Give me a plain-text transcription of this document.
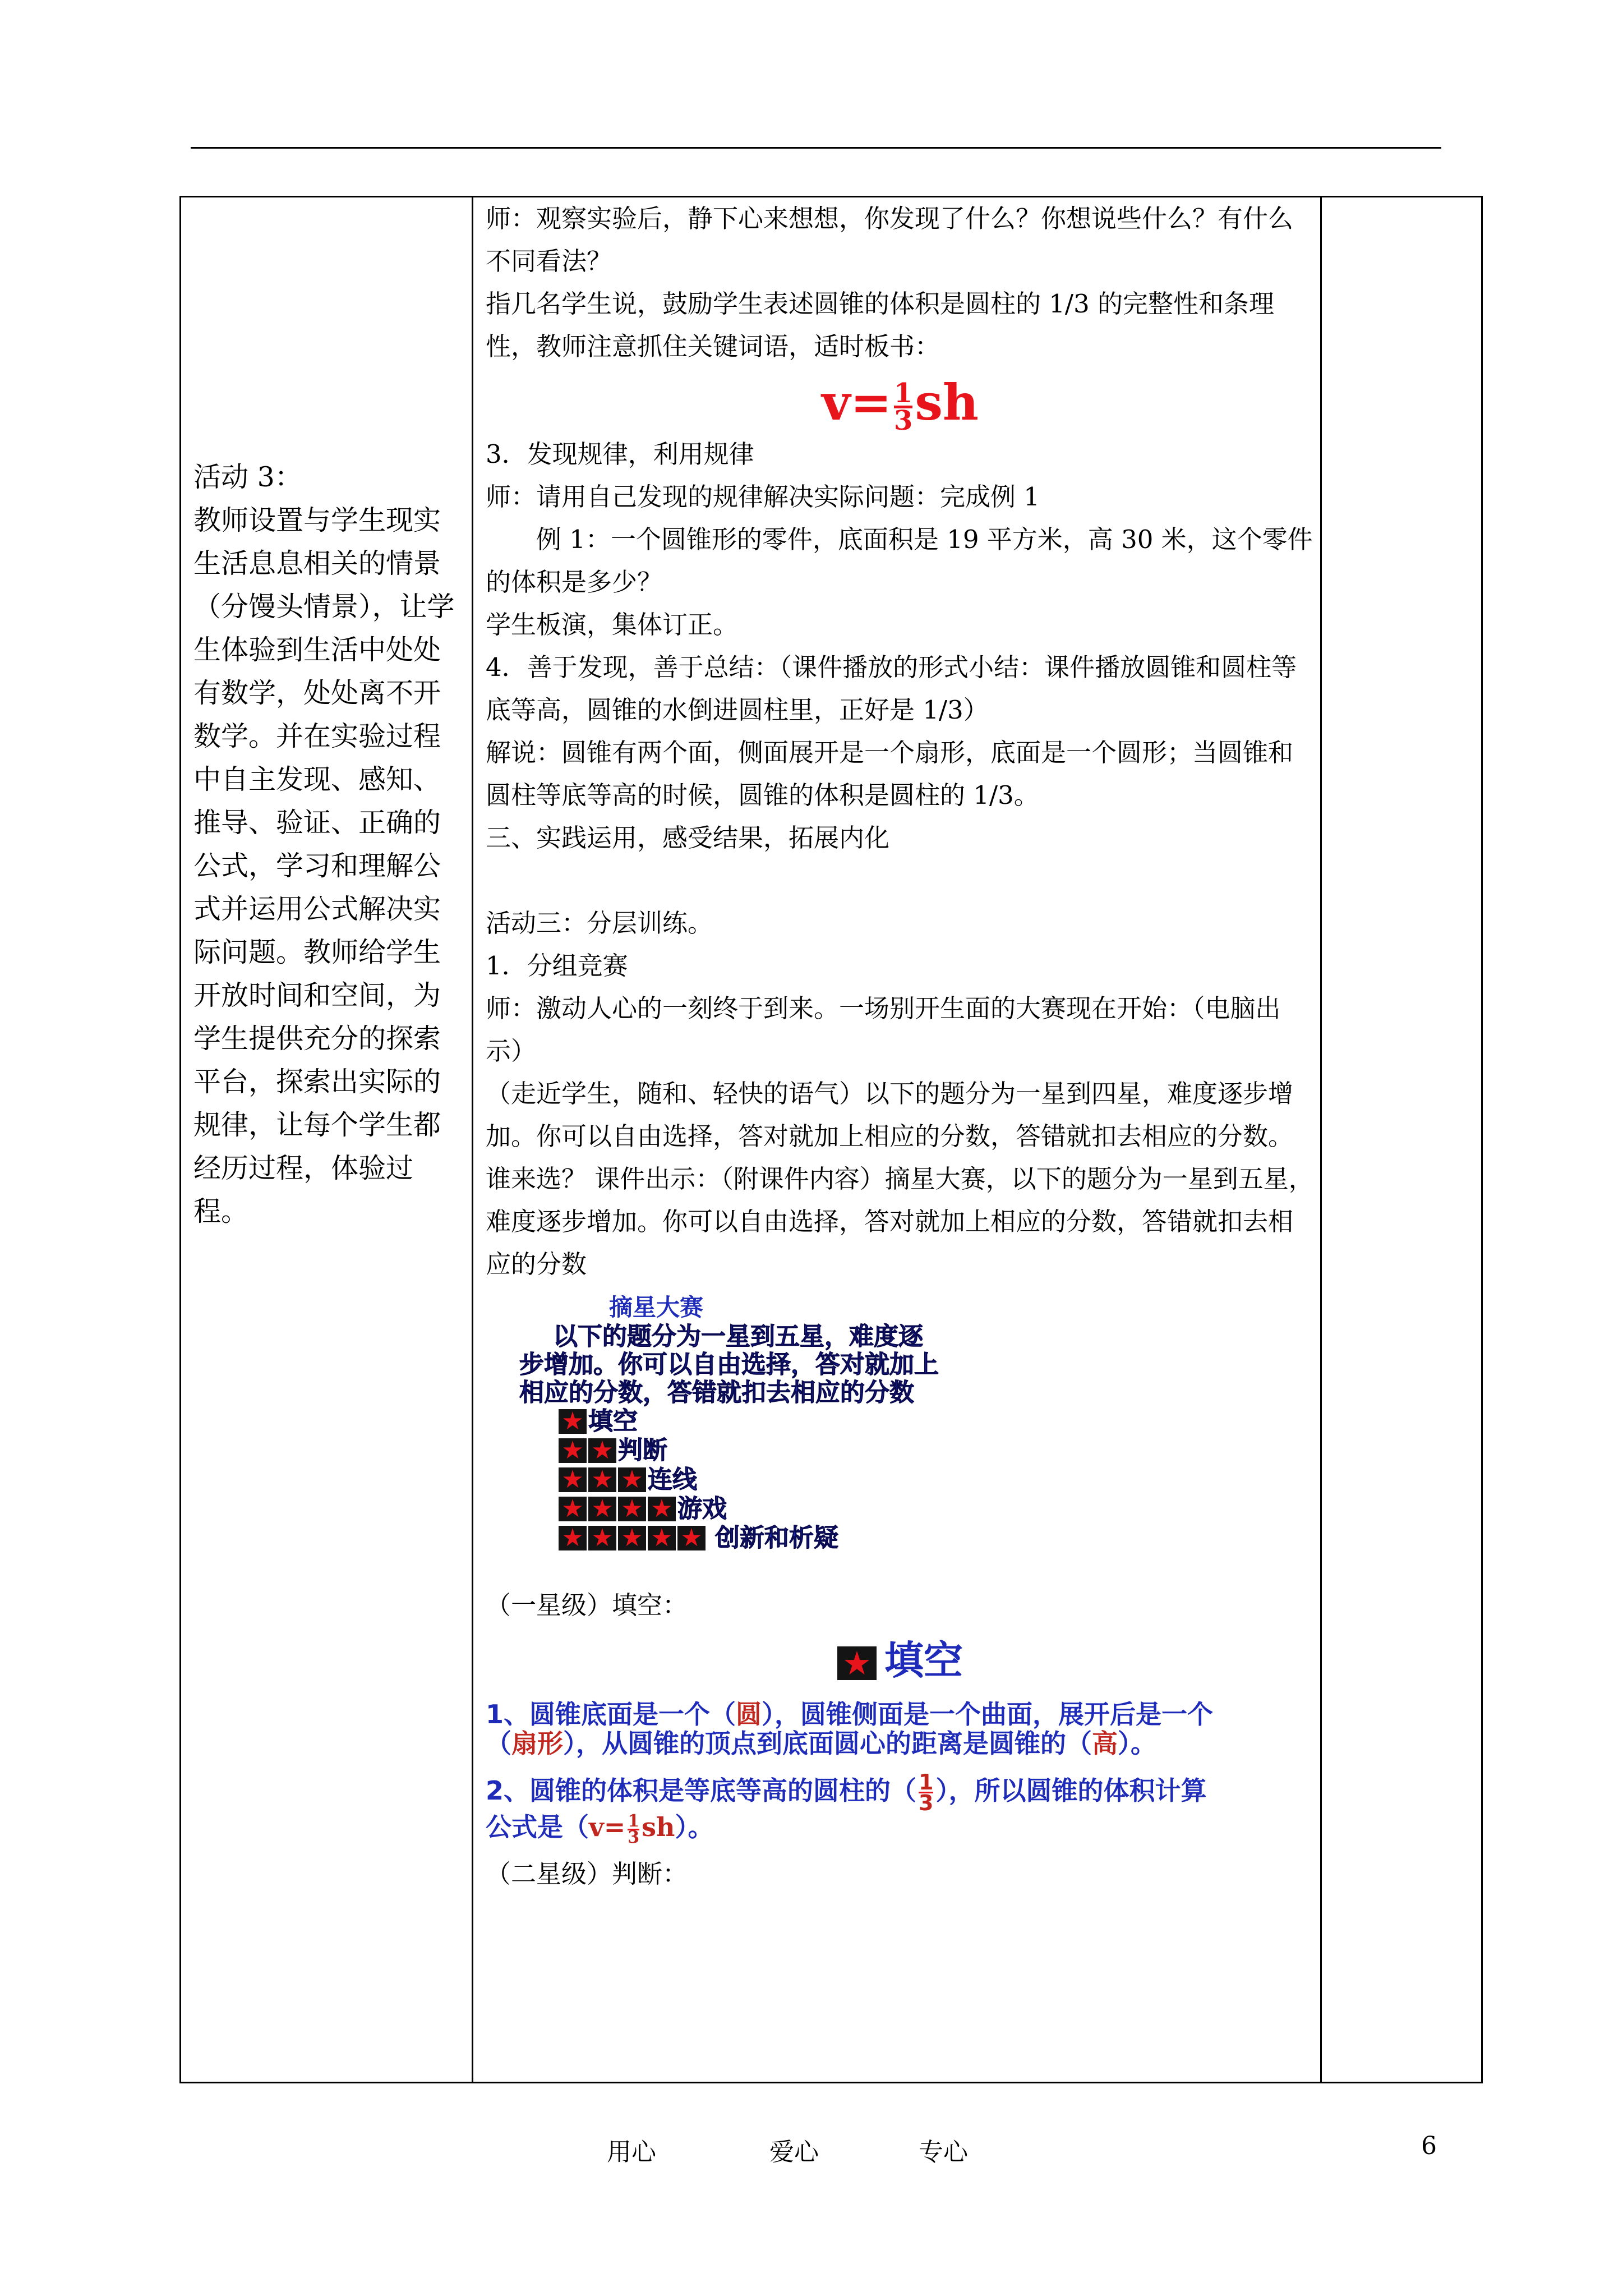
活动 3：
教师设置与学生现实生活息息相关的情景（分馒头情景），让学生体验到生活中处处有数学，处处离不开数学。并在实验过程中自主发现、感知、推导、验证、正确的公式，学习和理解公式并运用公式解决实际问题。教师给学生开放时间和空间，为学生提供充分的探索平台，探索出实际的规律，让每个学生都经历过程，体验过程。

师：观察实验后，静下心来想想，你发现了什么？你想说些什么？有什么不同看法？
指几名学生说，鼓励学生表述圆锥的体积是圆柱的 1/3 的完整性和条理性，教师注意抓住关键词语，适时板书：
$v= \frac{1}{3}$ sh
3．发现规律，利用规律
师：请用自己发现的规律解决实际问题：完成例 1
　　例 1：一个圆锥形的零件，底面积是 19 平方米，高 30 米，这个零件的体积是多少？
学生板演，集体订正。
4．善于发现，善于总结：（课件播放的形式小结：课件播放圆锥和圆柱等底等高，圆锥的水倒进圆柱里，正好是 1/3）
解说：圆锥有两个面，侧面展开是一个扇形，底面是一个圆形；当圆锥和圆柱等底等高的时候，圆锥的体积是圆柱的 1/3。
三、实践运用，感受结果，拓展内化
活动三：分层训练。
1．分组竞赛
师：激动人心的一刻终于到来。一场别开生面的大赛现在开始：（电脑出示）
（走近学生，随和、轻快的语气）以下的题分为一星到四星，难度逐步增加。你可以自由选择，答对就加上相应的分数，答错就扣去相应的分数。谁来选？ 课件出示：（附课件内容）摘星大赛，以下的题分为一星到五星，难度逐步增加。你可以自由选择，答对就加上相应的分数，答错就扣去相应的分数
摘星大赛
以下的题分为一星到五星，难度逐
步增加。你可以自由选择，答对就加上
相应的分数，答错就扣去相应的分数
★ 填空
★ ★ 判断
★ ★ ★ 连线
★ ★ ★ ★ 游戏
★ ★ ★ ★ ★ 创新和析疑
（一星级）填空：
★ 填空
1、圆锥底面是一个（圆），圆锥侧面是一个曲面，展开后是一个（扇形），从圆锥的顶点到底面圆心的距离是圆锥的（高）。
2、圆锥的体积是等底等高的圆柱的（ $\frac{1}{3}$ ），所以圆锥的体积计算公式是$(v= \frac{1}{3} sh)$。
（二星级）判断：

用心	爱心	专心	6
